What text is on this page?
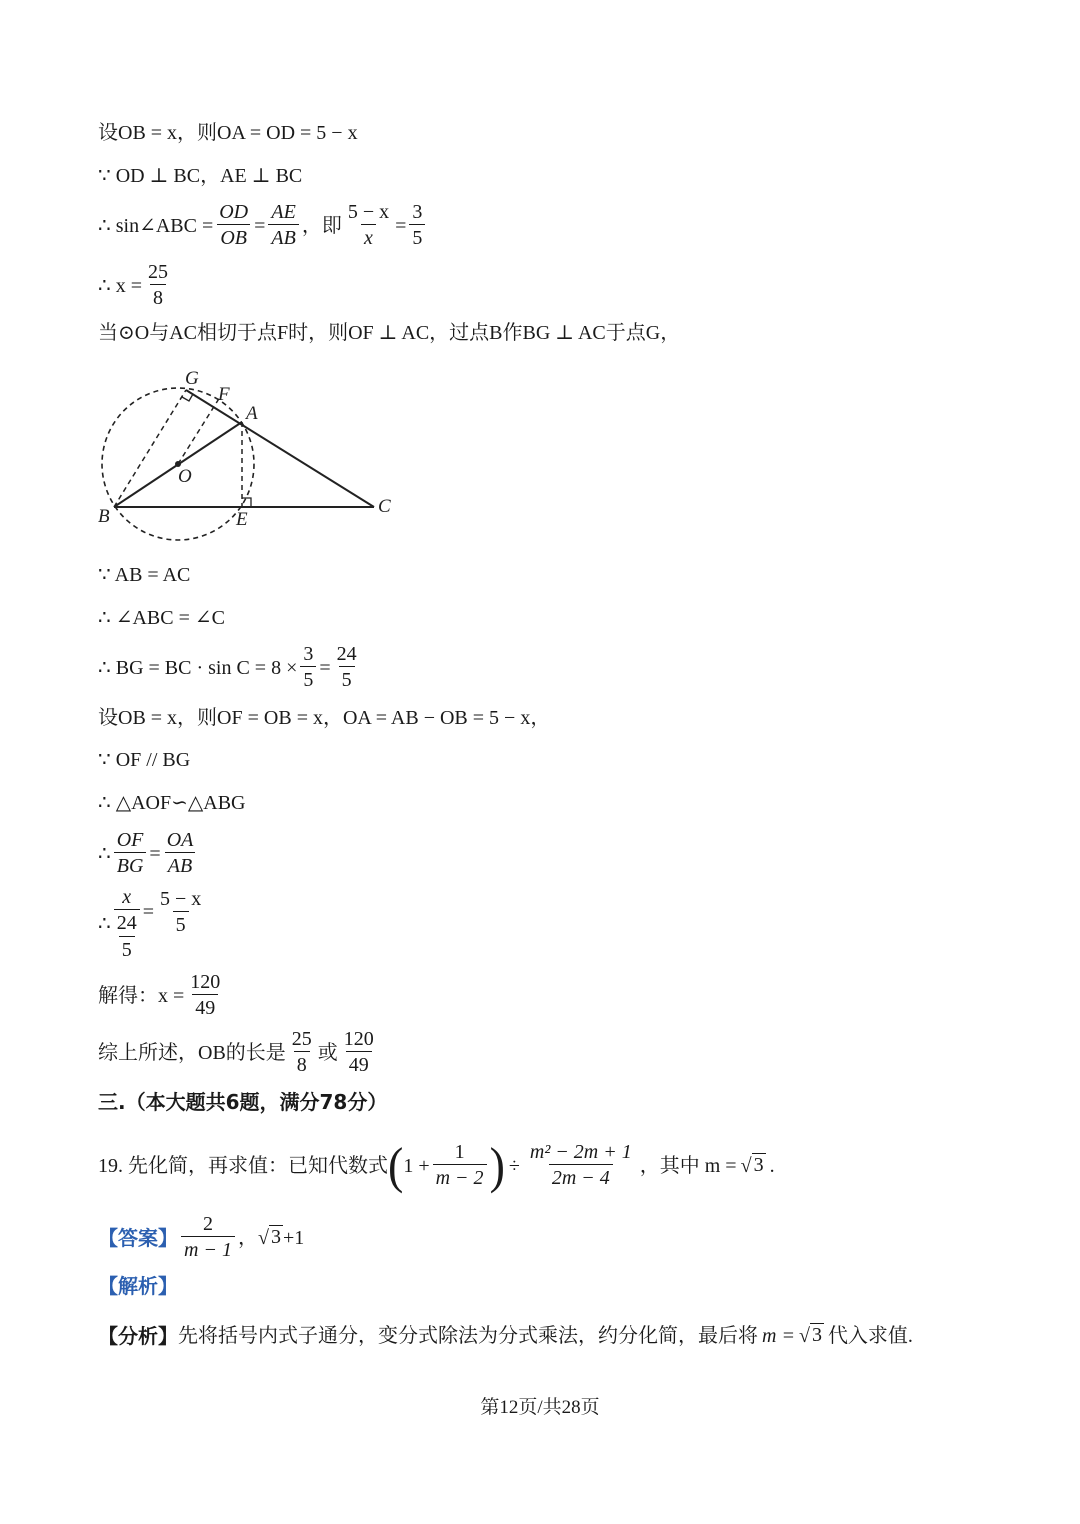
设OB = x，则OA = OD = 5 − x
∵ OD ⊥ BC，AE ⊥ BC
∴ sin∠ABC = $\frac{OD}{OB} = \frac{AE}{AB}$ ，即 $\frac{5 - x}{x} = \frac{3}{5}$
∴ $x = \frac{25}{8}$
当⊙O与AC相切于点F时，则OF ⊥ AC，过点B作BG ⊥ AC于点G，
G
F
A
O
B	E
C
∵ AB = AC
∴ ∠ABC = ∠C
∴ BG = BC · $\sin C = 8 \times \frac{3}{5} = \frac{24}{5}$
设OB = x，则OF = OB = x，OA = AB − OB = 5 − x，
∵ OF // BG
∴ △AOF∽△ABG
∴ $\frac{OF}{BG} = \frac{OA}{AB}$
∴ $\frac{x}{\frac{24}{5}} = \frac{5 - x}{5}$
解得：$x = \frac{120}{49}$
综上所述，OB的长是 $\frac{25}{8}$ 或 $\frac{120}{49}$
三.（本大题共6题，满分78分）
19. 先化简，再求值：已知代数式 ( $1 + \frac{1}{m - 2}$ ) ÷ $\frac{\text{m² − 2m + 1}}{2m - 4}$ ，其中 m = √ 3 .
【答案】 $\frac{2}{m - 1}$ ， √ 3 +1
【解析】
【分析】 先将括号内式子通分，变分式除法为分式乘法，约分化简，最后将 m = √ 3 代入求值.
第12页/共28页
